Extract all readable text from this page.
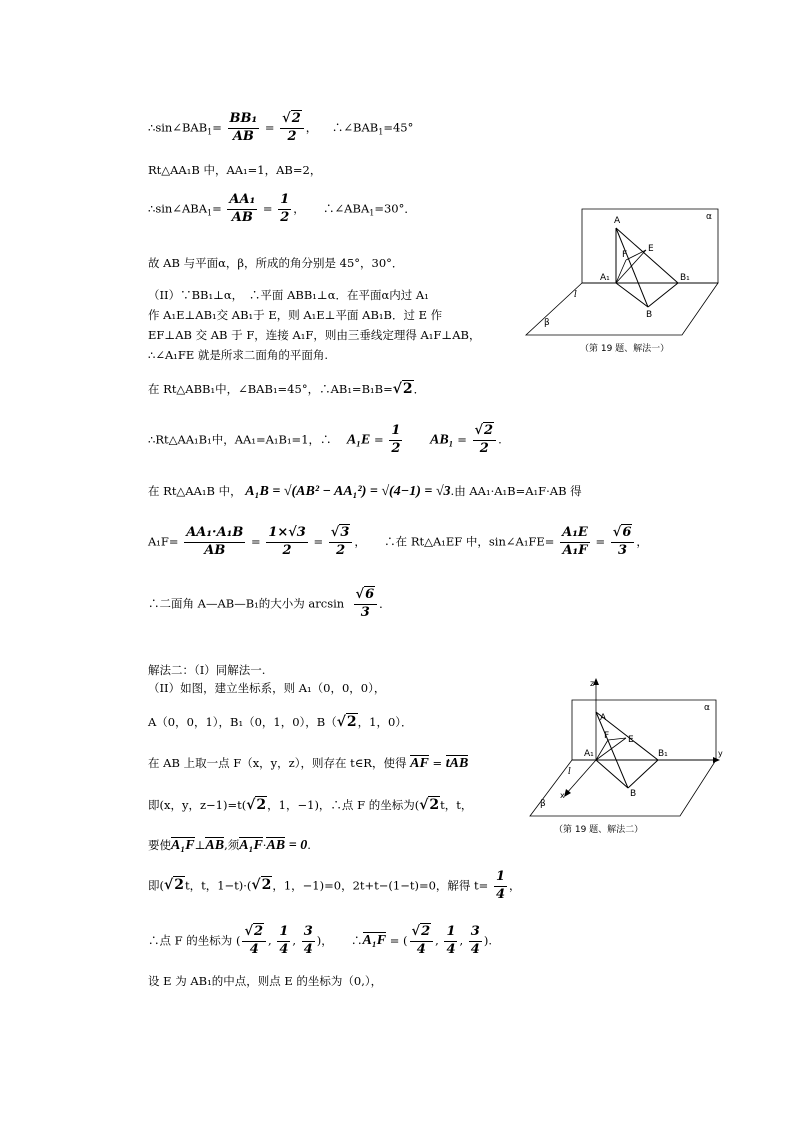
$\therefore\sin\angle BAB_1= \frac{\text{BB₁}}{AB} = \frac{√2}{2}$ ，    $\therefore\angle BAB_1=45^\circ$
Rt△AA₁B 中，AA₁=1，AB=2，
$\therefore\sin\angle ABA_1= \frac{\text{AA₁}}{AB} = \frac{1}{2}$ ，     $\therefore\angle ABA_1=30^\circ$．
故 AB 与平面α，β，所成的角分别是 45°，30°．
（II）∵BB₁⊥α，　∴平面 ABB₁⊥α．在平面α内过 A₁
作 A₁E⊥AB₁交 AB₁于 E，则 A₁E⊥平面 AB₁B．过 E 作
EF⊥AB 交 AB 于 F，连接 A₁F，则由三垂线定理得 A₁F⊥AB，
∴∠A₁FE 就是所求二面角的平面角.
在 Rt△ABB₁中，∠BAB₁=45°，∴AB₁=B₁B=√2．
∴Rt△AA₁B₁中，AA₁=A₁B₁=1，∴ $A_1E = \frac{1}{2} AB_1 = \frac{√2}{2}$ .
在 Rt△AA₁B 中， A₁B = √(AB² − AA₁²) = √(4−1) = √3.由 AA₁·A₁B=A₁F·AB 得
$A_1F= \frac{\text{AA₁·A₁B}}{AB} = \frac{1\times√3}{2} = \frac{√3}{2}$ ，     ∴在 Rt△A₁EF 中，sin∠A₁FE= $\frac{\text{A₁E}}{\text{A₁F}} = \frac{√6}{3}$ ，
∴二面角 A—AB—B₁的大小为 $\arcsin \frac{√6}{3}$ ．
解法二：（I）同解法一.
（II）如图，建立坐标系，则 A₁（0，0，0），
A（0，0，1），B₁（0，1，0），B（√2，1，0）．
在 AB 上取一点 F（x，y，z），则存在 t∈R，使得 AF = tAB
即(x，y，z−1)=t(√2，1，−1)，∴点 F 的坐标为(√2t，t，
要使A₁F⊥AB,须A₁F·AB = 0.
即(√2t，t，1−t)·(√2，1，−1)=0，2t+t−(1−t)=0，解得 $t= \frac{1}{4}$ ，
∴点 F 的坐标为 ( $\frac{√2}{4}$ , $\frac{1}{4}$ , $\frac{3}{4}$ )，     ∴A₁F = ( $\frac{√2}{4}$ , $\frac{1}{4}$ , $\frac{3}{4}$ ).
设 E 为 AB₁的中点，则点 E 的坐标为（0,），
A
E
F
A₁	B₁
B
α
β
l
（第 19 题、解法一）
z
y
x
A
E
F
A₁	B₁
B
α
β
l
（第 19 题、解法二）
